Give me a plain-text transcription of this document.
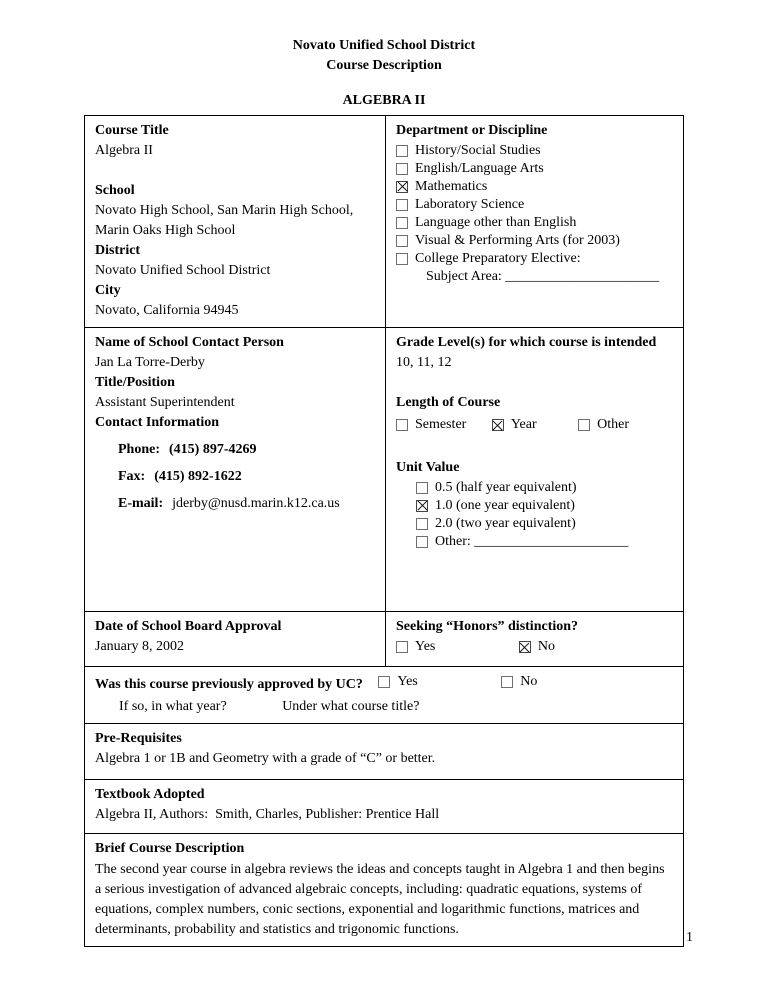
Novato Unified School District
Course Description
ALGEBRA II
Course Title
Algebra II
School
Novato High School, San Marin High School, Marin Oaks High School
District
Novato Unified School District
City
Novato, California 94945
Department or Discipline
History/Social Studies
English/Language Arts
Mathematics
Laboratory Science
Language other than English
Visual & Performing Arts (for 2003)
College Preparatory Elective:
Subject Area: ______________________
Name of School Contact Person
Jan La Torre-Derby
Title/Position
Assistant Superintendent
Contact Information
Phone: (415) 897-4269
Fax: (415) 892-1622
E-mail: jderby@nusd.marin.k12.ca.us
Grade Level(s) for which course is intended
10, 11, 12
Length of Course
Semester
	Year
	Other
Unit Value
0.5 (half year equivalent)
1.0 (one year equivalent)
2.0 (two year equivalent)
Other: ______________________
Date of School Board Approval
January 8, 2002
Seeking “Honors” distinction?
Yes
	No
Was this course previously approved by UC? Yes
	No
If so, in what year?	Under what course title?
Pre-Requisites
Algebra 1 or 1B and Geometry with a grade of “C” or better.
Textbook Adopted
Algebra II, Authors:  Smith, Charles, Publisher: Prentice Hall
Brief Course Description
The second year course in algebra reviews the ideas and concepts taught in Algebra 1 and then begins a serious investigation of advanced algebraic concepts, including: quadratic equations, systems of equations, complex numbers, conic sections, exponential and logarithmic functions, matrices and determinants, probability and statistics and trigonomic functions.
1
